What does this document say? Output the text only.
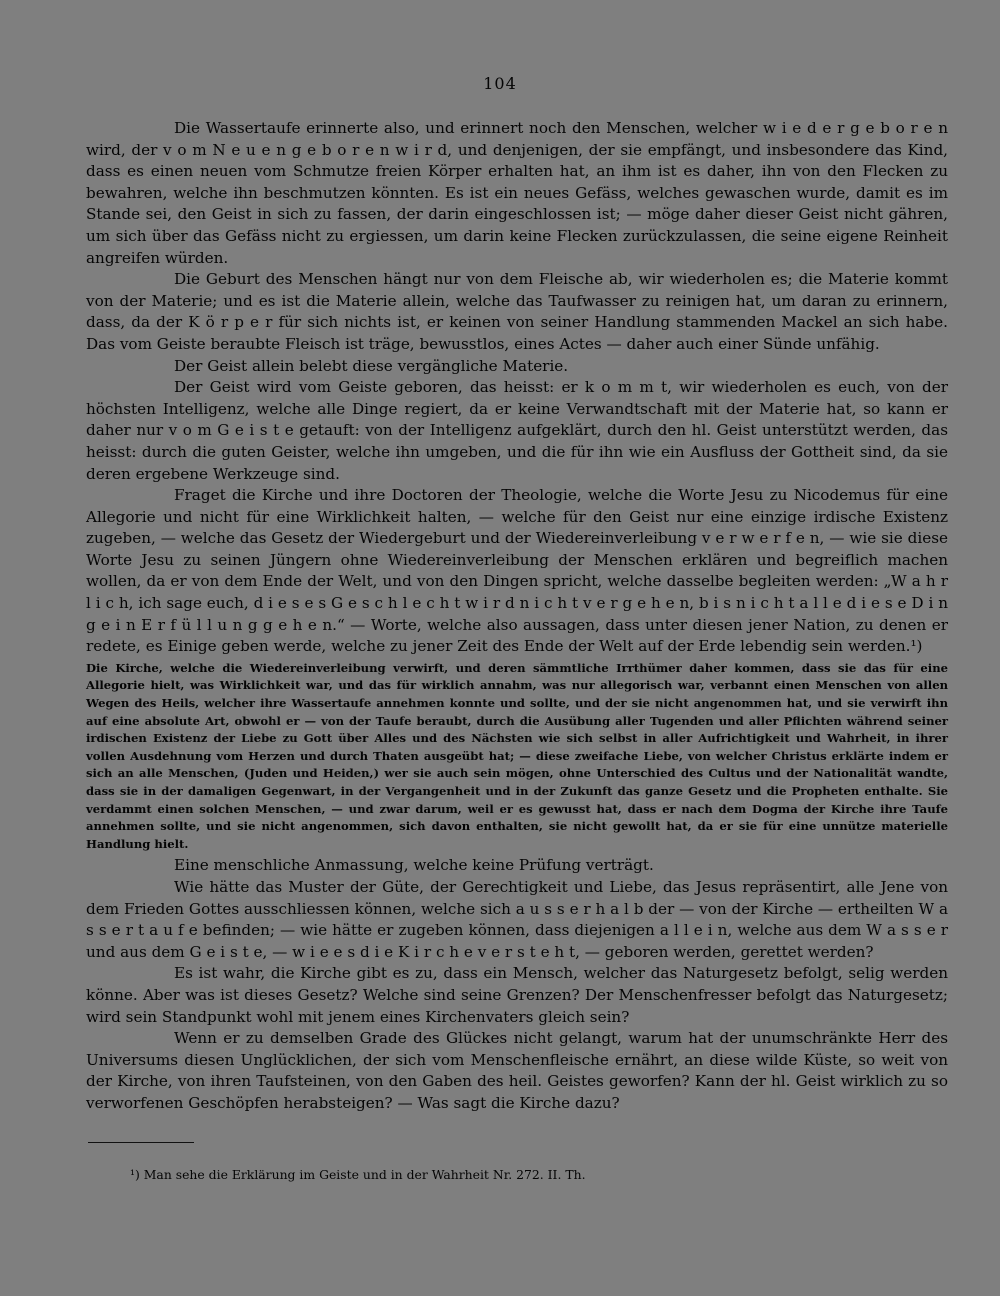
104

Die Wassertaufe erinnerte also, und erinnert noch den Menschen, welcher w i e d e r g e b o r e n wird, der v o m N e u e n g e b o r e n w i r d, und denjenigen, der sie empfängt, und insbesondere das Kind, dass es einen neuen vom Schmutze freien Körper erhalten hat, an ihm ist es daher, ihn von den Flecken zu bewahren, welche ihn beschmutzen könnten. Es ist ein neues Gefäss, welches gewaschen wurde, damit es im Stande sei, den Geist in sich zu fassen, der darin eingeschlossen ist; — möge daher dieser Geist nicht gähren, um sich über das Gefäss nicht zu ergiessen, um darin keine Flecken zurückzulassen, die seine eigene Reinheit angreifen würden.

Die Geburt des Menschen hängt nur von dem Fleische ab, wir wiederholen es; die Materie kommt von der Materie; und es ist die Materie allein, welche das Taufwasser zu reinigen hat, um daran zu erinnern, dass, da der K ö r p e r für sich nichts ist, er keinen von seiner Handlung stammenden Mackel an sich habe. Das vom Geiste beraubte Fleisch ist träge, bewusstlos, eines Actes — daher auch einer Sünde unfähig.

Der Geist allein belebt diese vergängliche Materie.

Der Geist wird vom Geiste geboren, das heisst: er k o m m t, wir wiederholen es euch, von der höchsten Intelligenz, welche alle Dinge regiert, da er keine Verwandtschaft mit der Materie hat, so kann er daher nur v o m G e i s t e getauft: von der Intelligenz aufgeklärt, durch den hl. Geist unterstützt werden, das heisst: durch die guten Geister, welche ihn umgeben, und die für ihn wie ein Ausfluss der Gottheit sind, da sie deren ergebene Werkzeuge sind.

Fraget die Kirche und ihre Doctoren der Theologie, welche die Worte Jesu zu Nicodemus für eine Allegorie und nicht für eine Wirklichkeit halten, — welche für den Geist nur eine einzige irdische Existenz zugeben, — welche das Gesetz der Wiedergeburt und der Wiedereinverleibung v e r w e r f e n, — wie sie diese Worte Jesu zu seinen Jüngern ohne Wiedereinverleibung der Menschen erklären und begreiflich machen wollen, da er von dem Ende der Welt, und von den Dingen spricht, welche dasselbe begleiten werden: „W a h r l i c h, ich sage euch, d i e s e s G e s c h l e c h t w i r d n i c h t v e r g e h e n, b i s n i c h t a l l e d i e s e D i n g e i n E r f ü l l u n g g e h e n.“ — Worte, welche also aussagen, dass unter diesen jener Nation, zu denen er redete, es Einige geben werde, welche zu jener Zeit des Ende der Welt auf der Erde lebendig sein werden.¹)

Die Kirche, welche die Wiedereinverleibung verwirft, und deren sämmtliche Irrthümer daher kommen, dass sie das für eine Allegorie hielt, was Wirklichkeit war, und das für wirklich annahm, was nur allegorisch war, verbannt einen Menschen von allen Wegen des Heils, welcher ihre Wassertaufe annehmen konnte und sollte, und der sie nicht angenommen hat, und sie verwirft ihn auf eine absolute Art, obwohl er — von der Taufe beraubt, durch die Ausübung aller Tugenden und aller Pflichten während seiner irdischen Existenz der Liebe zu Gott über Alles und des Nächsten wie sich selbst in aller Aufrichtigkeit und Wahrheit, in ihrer vollen Ausdehnung vom Herzen und durch Thaten ausgeübt hat; — diese zweifache Liebe, von welcher Christus erklärte indem er sich an alle Menschen, (Juden und Heiden,) wer sie auch sein mögen, ohne Unterschied des Cultus und der Nationalität wandte, dass sie in der damaligen Gegenwart, in der Vergangenheit und in der Zukunft das ganze Gesetz und die Propheten enthalte. Sie verdammt einen solchen Menschen, — und zwar darum, weil er es gewusst hat, dass er nach dem Dogma der Kirche ihre Taufe annehmen sollte, und sie nicht angenommen, sich davon enthalten, sie nicht gewollt hat, da er sie für eine unnütze materielle Handlung hielt.

Eine menschliche Anmassung, welche keine Prüfung verträgt.

Wie hätte das Muster der Güte, der Gerechtigkeit und Liebe, das Jesus repräsentirt, alle Jene von dem Frieden Gottes ausschliessen können, welche sich a u s s e r h a l b der — von der Kirche — ertheilten W a s s e r t a u f e befinden; — wie hätte er zugeben können, dass diejenigen a l l e i n, welche aus dem W a s s e r und aus dem G e i s t e, — w i e e s d i e K i r c h e v e r s t e h t, — geboren werden, gerettet werden?

Es ist wahr, die Kirche gibt es zu, dass ein Mensch, welcher das Naturgesetz befolgt, selig werden könne. Aber was ist dieses Gesetz? Welche sind seine Grenzen? Der Menschenfresser befolgt das Naturgesetz; wird sein Standpunkt wohl mit jenem eines Kirchenvaters gleich sein?

Wenn er zu demselben Grade des Glückes nicht gelangt, warum hat der unumschränkte Herr des Universums diesen Unglücklichen, der sich vom Menschenfleische ernährt, an diese wilde Küste, so weit von der Kirche, von ihren Taufsteinen, von den Gaben des heil. Geistes geworfen? Kann der hl. Geist wirklich zu so verworfenen Geschöpfen herabsteigen? — Was sagt die Kirche dazu?

¹) Man sehe die Erklärung im Geiste und in der Wahrheit Nr. 272. II. Th.
